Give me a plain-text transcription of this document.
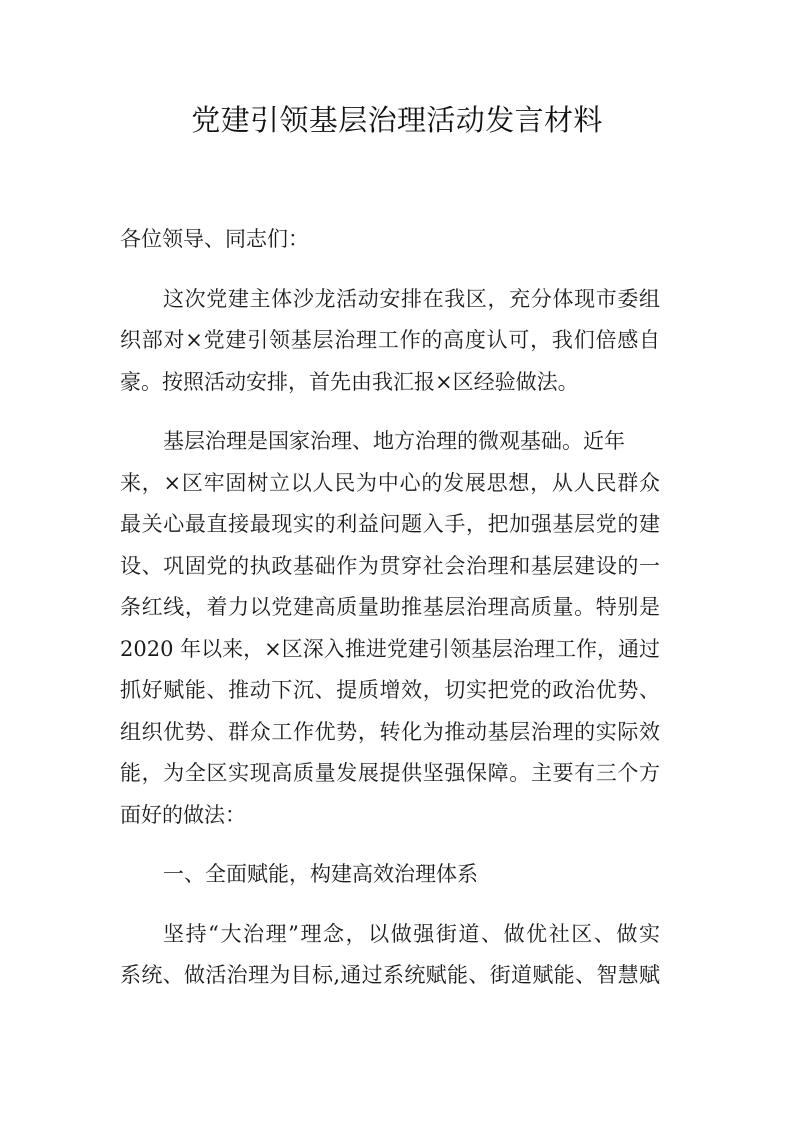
党建引领基层治理活动发言材料
各位领导、同志们：
这次党建主体沙龙活动安排在我区，充分体现市委组
织部对×党建引领基层治理工作的高度认可，我们倍感自
豪。按照活动安排，首先由我汇报×区经验做法。
基层治理是国家治理、地方治理的微观基础。近年
来，×区牢固树立以人民为中心的发展思想，从人民群众
最关心最直接最现实的利益问题入手，把加强基层党的建
设、巩固党的执政基础作为贯穿社会治理和基层建设的一
条红线，着力以党建高质量助推基层治理高质量。特别是
2020 年以来，×区深入推进党建引领基层治理工作，通过
抓好赋能、推动下沉、提质增效，切实把党的政治优势、
组织优势、群众工作优势，转化为推动基层治理的实际效
能，为全区实现高质量发展提供坚强保障。主要有三个方
面好的做法：
一、全面赋能，构建高效治理体系
坚持“大治理”理念，以做强街道、做优社区、做实
系统、做活治理为目标,通过系统赋能、街道赋能、智慧赋
